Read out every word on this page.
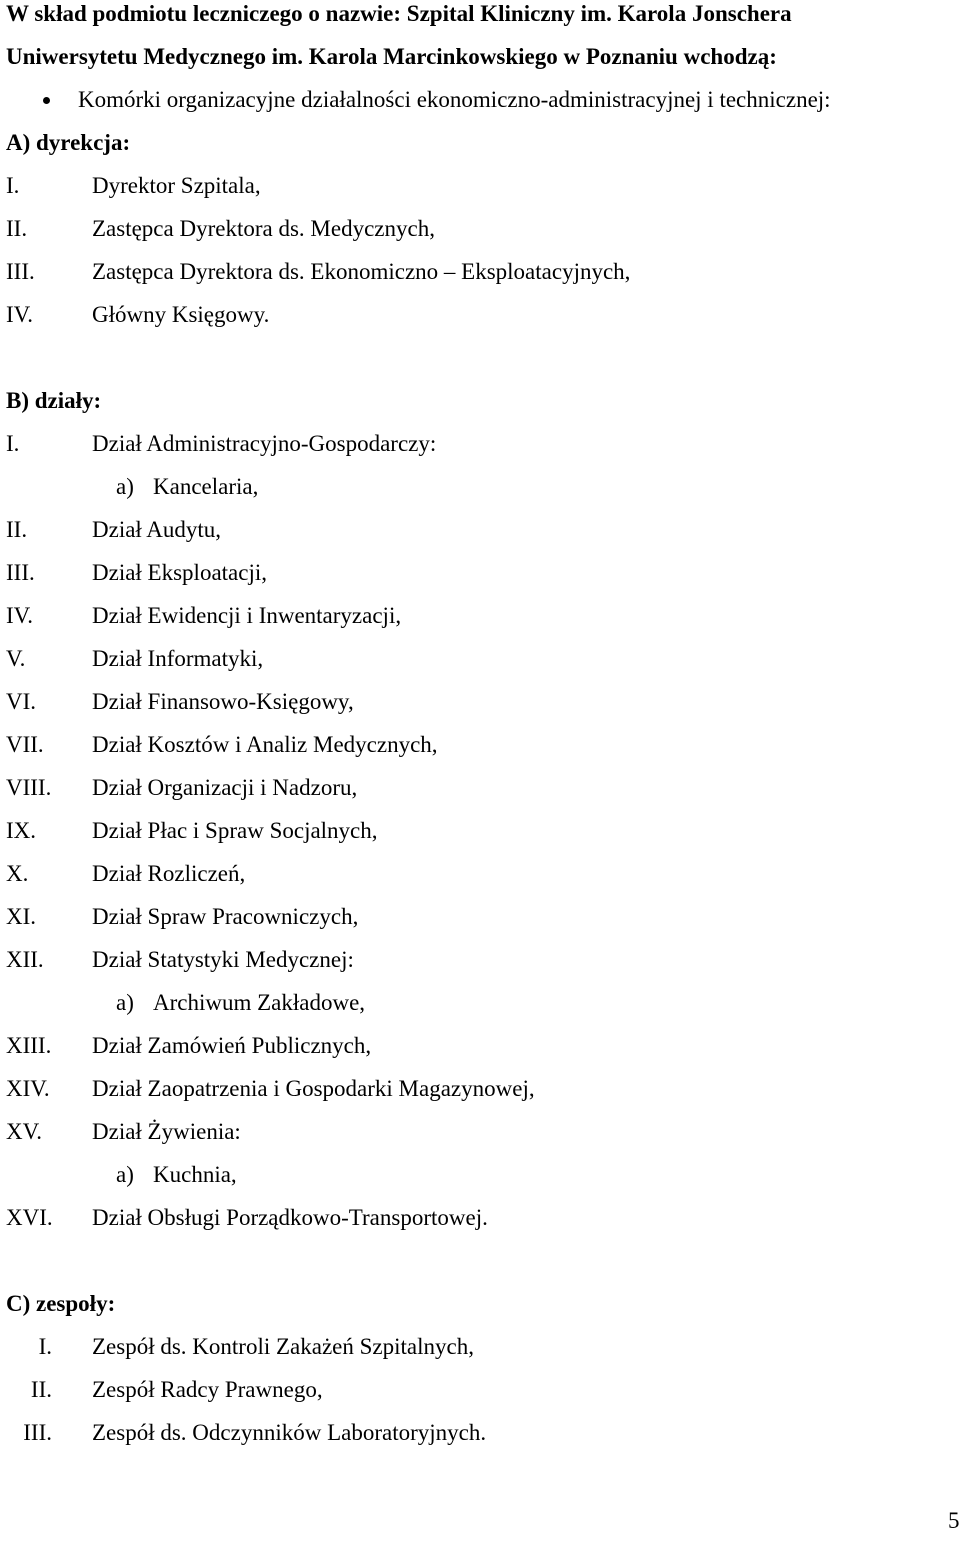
W skład podmiotu leczniczego o nazwie: Szpital Kliniczny im. Karola Jonschera
Uniwersytetu Medycznego im. Karola Marcinkowskiego w Poznaniu wchodzą:
Komórki organizacyjne działalności ekonomiczno-administracyjnej i technicznej:
A) dyrekcja:
I.	Dyrektor Szpitala,
II.	Zastępca Dyrektora ds. Medycznych,
III. Zastępca Dyrektora ds. Ekonomiczno – Eksploatacyjnych,
IV.	Główny Księgowy.
B) działy:
I.	Dział Administracyjno-Gospodarczy:
a) Kancelaria,
II.	Dział Audytu,
III. Dział Eksploatacji,
IV.	Dział Ewidencji i Inwentaryzacji,
V.	Dział Informatyki,
VI. Dział Finansowo-Księgowy,
VII. Dział Kosztów i Analiz Medycznych,
VIII. Dział Organizacji i Nadzoru,
IX. Dział Płac i Spraw Socjalnych,
X.	Dział Rozliczeń,
XI. Dział Spraw Pracowniczych,
XII. Dział Statystyki Medycznej:
a) Archiwum Zakładowe,
XIII. Dział Zamówień Publicznych,
XIV. Dział Zaopatrzenia i Gospodarki Magazynowej,
XV. Dział Żywienia:
a) Kuchnia,
XVI. Dział Obsługi Porządkowo-Transportowej.
C) zespoły:
I. Zespół ds. Kontroli Zakażeń Szpitalnych,
II. Zespół Radcy Prawnego,
III. Zespół ds. Odczynników Laboratoryjnych.
5
